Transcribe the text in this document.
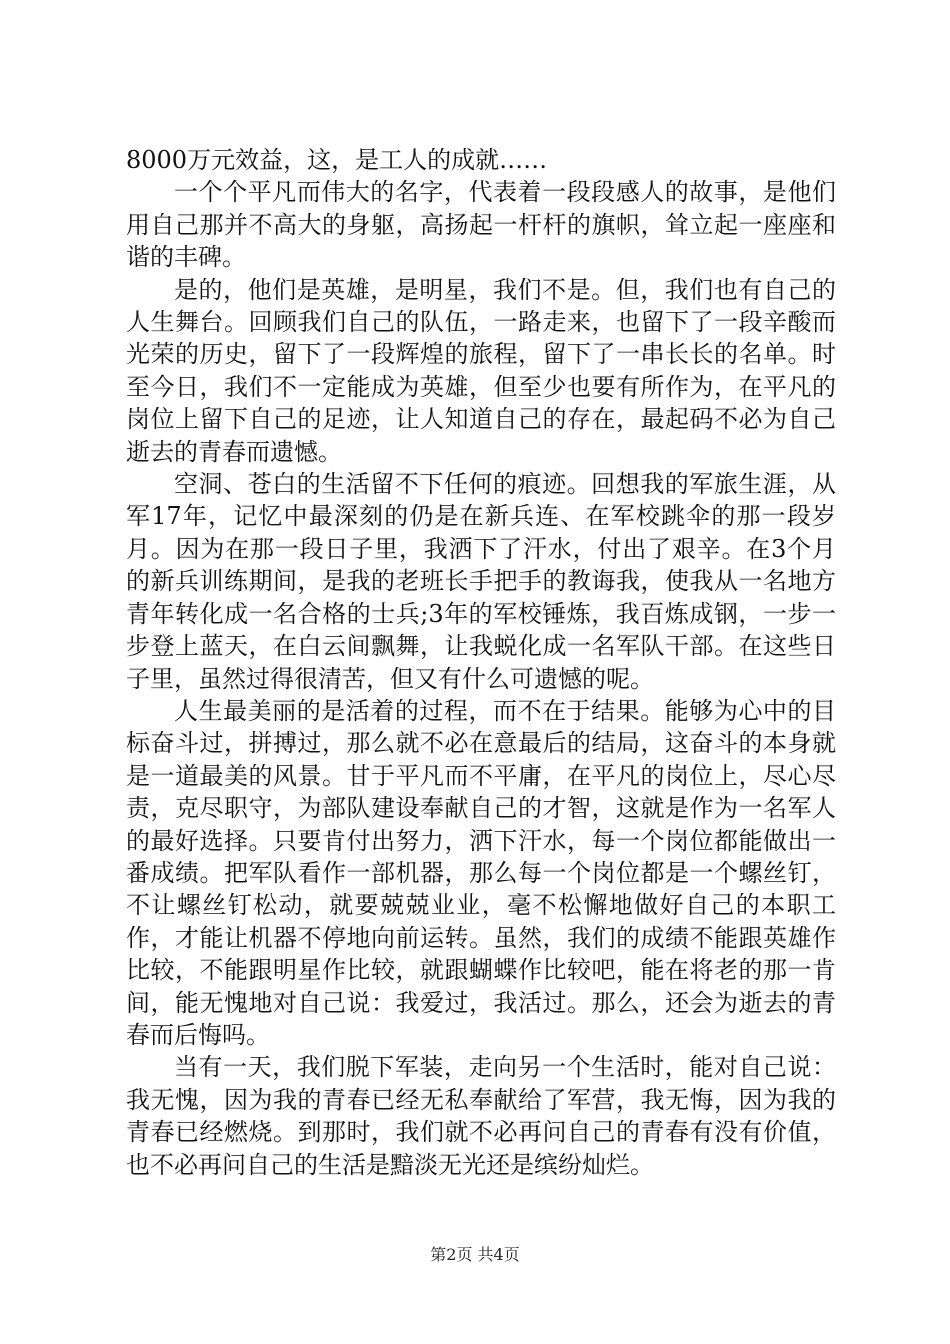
8000万元效益，这，是工人的成就……

一个个平凡而伟大的名字，代表着一段段感人的故事，是他们用自己那并不高大的身躯，高扬起一杆杆的旗帜，耸立起一座座和谐的丰碑。

是的，他们是英雄，是明星，我们不是。但，我们也有自己的人生舞台。回顾我们自己的队伍，一路走来，也留下了一段辛酸而光荣的历史，留下了一段辉煌的旅程，留下了一串长长的名单。时至今日，我们不一定能成为英雄，但至少也要有所作为，在平凡的岗位上留下自己的足迹，让人知道自己的存在，最起码不必为自己逝去的青春而遗憾。

空洞、苍白的生活留不下任何的痕迹。回想我的军旅生涯，从军17年，记忆中最深刻的仍是在新兵连、在军校跳伞的那一段岁月。因为在那一段日子里，我洒下了汗水，付出了艰辛。在3个月的新兵训练期间，是我的老班长手把手的教诲我，使我从一名地方青年转化成一名合格的士兵;3年的军校锤炼，我百炼成钢，一步一步登上蓝天，在白云间飘舞，让我蜕化成一名军队干部。在这些日子里，虽然过得很清苦，但又有什么可遗憾的呢。

人生最美丽的是活着的过程，而不在于结果。能够为心中的目标奋斗过，拼搏过，那么就不必在意最后的结局，这奋斗的本身就是一道最美的风景。甘于平凡而不平庸，在平凡的岗位上，尽心尽责，克尽职守，为部队建设奉献自己的才智，这就是作为一名军人的最好选择。只要肯付出努力，洒下汗水，每一个岗位都能做出一番成绩。把军队看作一部机器，那么每一个岗位都是一个螺丝钉，不让螺丝钉松动，就要兢兢业业，毫不松懈地做好自己的本职工作，才能让机器不停地向前运转。虽然，我们的成绩不能跟英雄作比较，不能跟明星作比较，就跟蝴蝶作比较吧，能在将老的那一肯间，能无愧地对自己说：我爱过，我活过。那么，还会为逝去的青春而后悔吗。

当有一天，我们脱下军装，走向另一个生活时，能对自己说：我无愧，因为我的青春已经无私奉献给了军营，我无悔，因为我的青春已经燃烧。到那时，我们就不必再问自己的青春有没有价值，也不必再问自己的生活是黯淡无光还是缤纷灿烂。

第2页 共4页
